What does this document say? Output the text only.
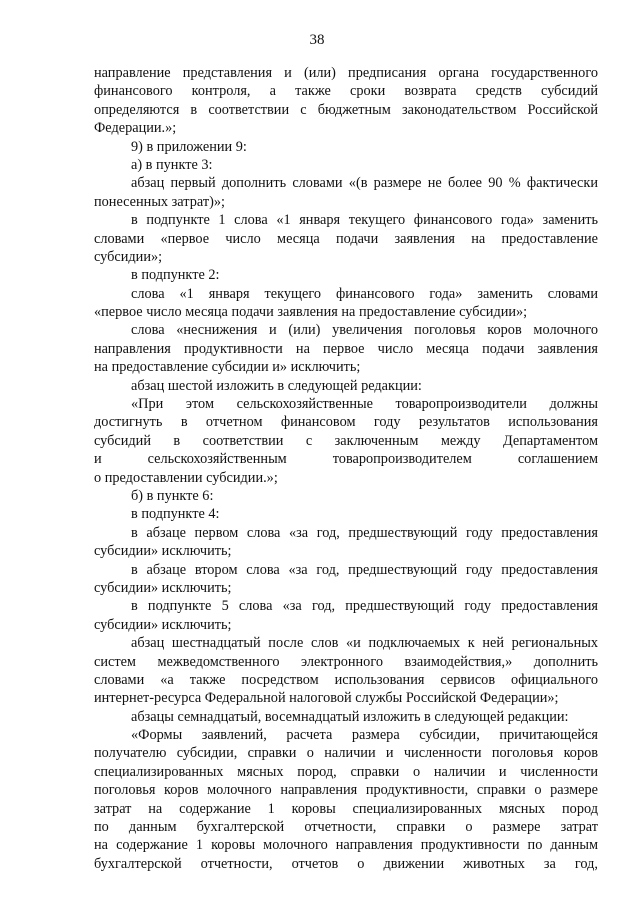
38
направление представления и (или) предписания органа государственного
финансового контроля, а также сроки возврата средств субсидий
определяются в соответствии с бюджетным законодательством Российской
Федерации.»;
9) в приложении 9:
а) в пункте 3:
абзац первый дополнить словами «(в размере не более 90 % фактически
понесенных затрат)»;
в подпункте 1 слова «1 января текущего финансового года» заменить
словами «первое число месяца подачи заявления на предоставление
субсидии»;
в подпункте 2:
слова «1 января текущего финансового года» заменить словами
«первое число месяца подачи заявления на предоставление субсидии»;
слова «неснижения и (или) увеличения поголовья коров молочного
направления продуктивности на первое число месяца подачи заявления
на предоставление субсидии и» исключить;
абзац шестой изложить в следующей редакции:
«При этом сельскохозяйственные товаропроизводители должны
достигнуть в отчетном финансовом году результатов использования
субсидий в соответствии с заключенным между Департаментом
и сельскохозяйственным товаропроизводителем соглашением
о предоставлении субсидии.»;
б) в пункте 6:
в подпункте 4:
в абзаце первом слова «за год, предшествующий году предоставления
субсидии» исключить;
в абзаце втором слова «за год, предшествующий году предоставления
субсидии» исключить;
в подпункте 5 слова «за год, предшествующий году предоставления
субсидии» исключить;
абзац шестнадцатый после слов «и подключаемых к ней региональных
систем межведомственного электронного взаимодействия,» дополнить
словами «а также посредством использования сервисов официального
интернет-ресурса Федеральной налоговой службы Российской Федерации»;
абзацы семнадцатый, восемнадцатый изложить в следующей редакции:
«Формы заявлений, расчета размера субсидии, причитающейся
получателю субсидии, справки о наличии и численности поголовья коров
специализированных мясных пород, справки о наличии и численности
поголовья коров молочного направления продуктивности, справки о размере
затрат на содержание 1 коровы специализированных мясных пород
по данным бухгалтерской отчетности, справки о размере затрат
на содержание 1 коровы молочного направления продуктивности по данным
бухгалтерской отчетности, отчетов о движении животных за год,
